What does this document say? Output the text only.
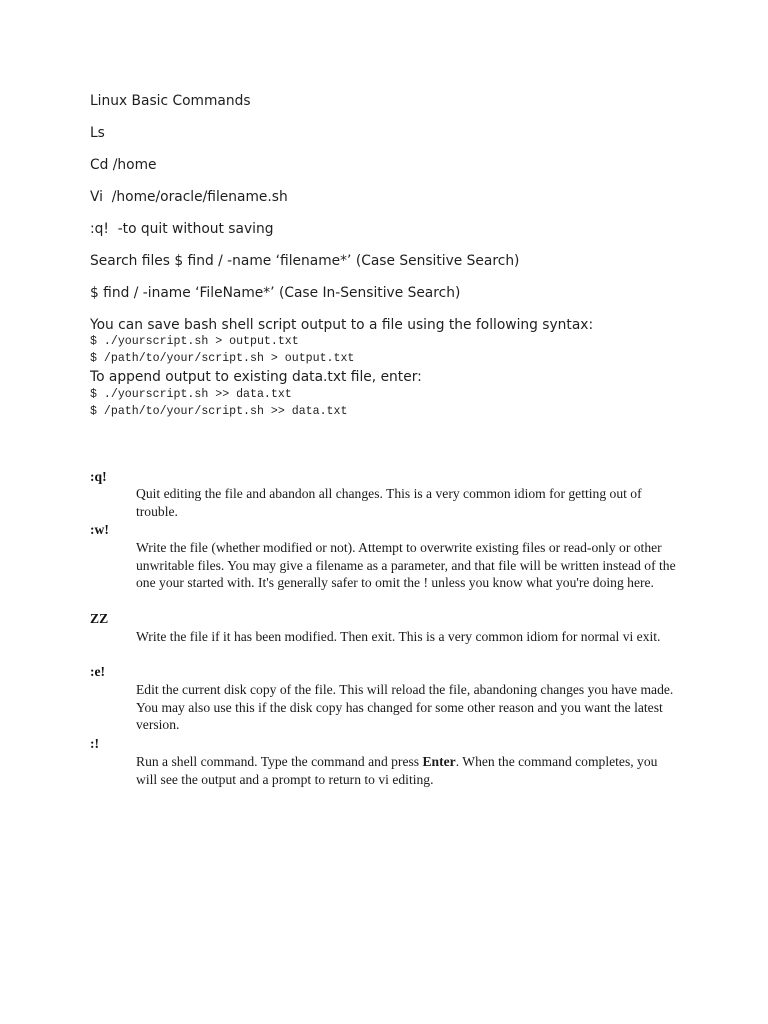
Linux Basic Commands
Ls
Cd /home
Vi  /home/oracle/filename.sh
:q!  -to quit without saving
Search files $ find / -name ‘filename*’ (Case Sensitive Search)
$ find / -iname ‘FileName*’ (Case In-Sensitive Search)
You can save bash shell script output to a file using the following syntax:
$ ./yourscript.sh > output.txt
$ /path/to/your/script.sh > output.txt
To append output to existing data.txt file, enter:
$ ./yourscript.sh >> data.txt
$ /path/to/your/script.sh >> data.txt
:q!
Quit editing the file and abandon all changes. This is a very common idiom for getting out of trouble.
:w!
Write the file (whether modified or not). Attempt to overwrite existing files or read-only or other unwritable files. You may give a filename as a parameter, and that file will be written instead of the one your started with. It's generally safer to omit the ! unless you know what you're doing here.
ZZ
Write the file if it has been modified. Then exit. This is a very common idiom for normal vi exit.
:e!
Edit the current disk copy of the file. This will reload the file, abandoning changes you have made. You may also use this if the disk copy has changed for some other reason and you want the latest version.
:!
Run a shell command. Type the command and press Enter. When the command completes, you will see the output and a prompt to return to vi editing.
